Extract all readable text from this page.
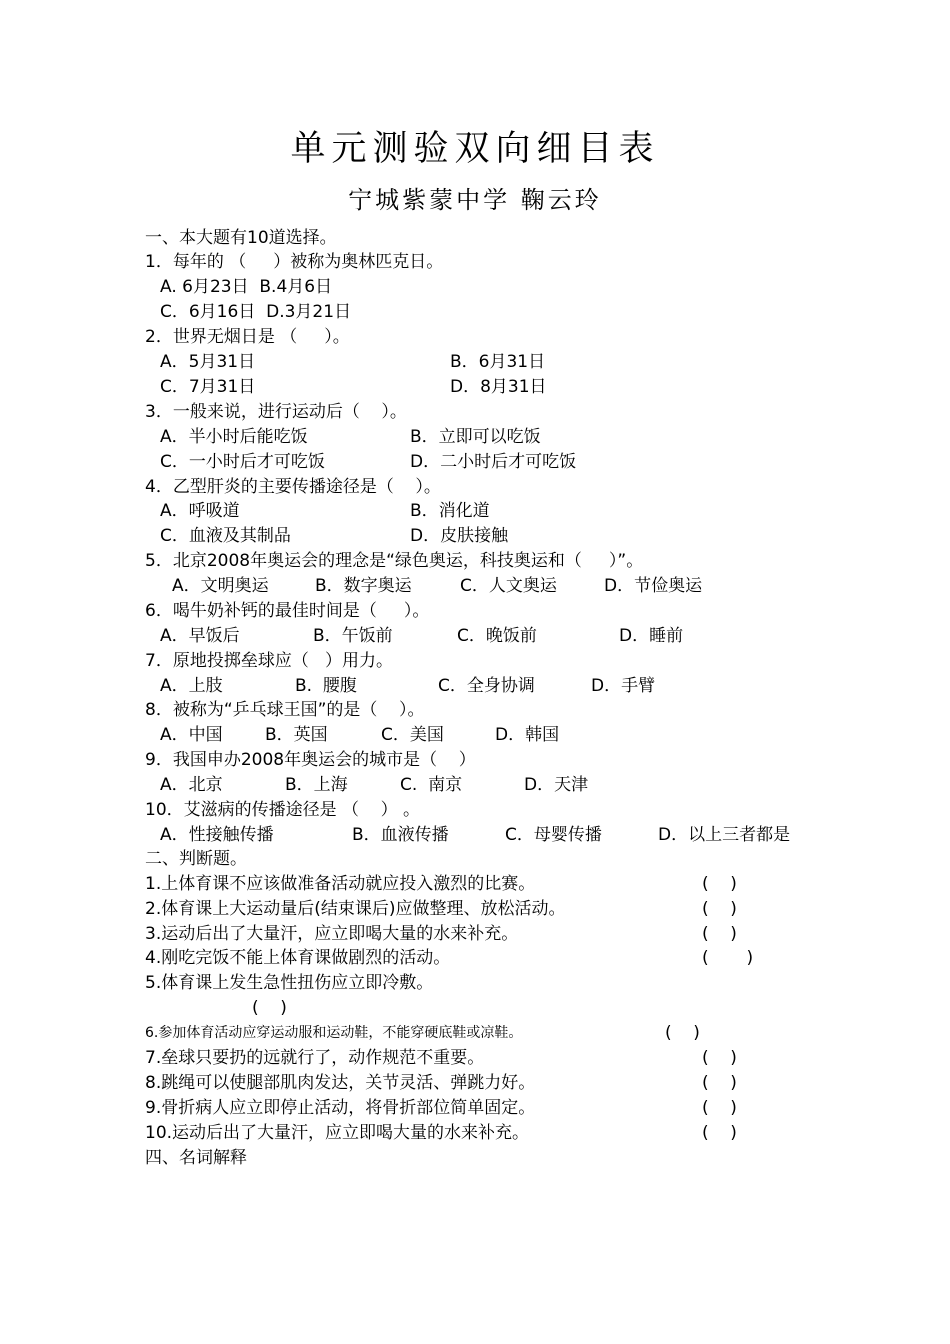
单元测验双向细目表
宁城紫蒙中学 鞠云玲
一、本大题有10道选择。
1．每年的 （     ）被称为奥林匹克日。
A. 6月23日  B.4月6日
C．6月16日  D.3月21日
2．世界无烟日是 （     ）。
A．5月31日	B．6月31日
C．7月31日	D．8月31日
3．一般来说，进行运动后（    ）。
A．半小时后能吃饭	B．立即可以吃饭
C．一小时后才可吃饭	D．二小时后才可吃饭
4．乙型肝炎的主要传播途径是（    ）。
A．呼吸道	B．消化道
C．血液及其制品	D．皮肤接触
5．北京2008年奥运会的理念是“绿色奥运，科技奥运和（     ）”。
A．文明奥运	B．数字奥运	C．人文奥运	D．节俭奥运
6．喝牛奶补钙的最佳时间是（     ）。
A．早饭后	B．午饭前	C．晚饭前	D．睡前
7．原地投掷垒球应（   ）用力。
A．上肢	B.  腰腹	C．全身协调	D．手臂
8．被称为“乒乓球王国”的是（    ）。
A．中国 B．英国	C．美国	D．韩国
9．我国申办2008年奥运会的城市是（    ）
A．北京	B．上海	C.  南京	D．天津
10．艾滋病的传播途径是 （    ） 。
A．性接触传播	B．血液传播	C．母婴传播	D．以上三者都是
二、判断题。
1.上体育课不应该做准备活动就应投入激烈的比赛。	(    )
2.体育课上大运动量后(结束课后)应做整理、放松活动。	(    )
3.运动后出了大量汗，应立即喝大量的水来补充。	(    )
4.刚吃完饭不能上体育课做剧烈的活动。	(       )
5.体育课上发生急性扭伤应立即冷敷。
(    )
6.参加体育活动应穿运动服和运动鞋，不能穿硬底鞋或凉鞋。	(    )
7.垒球只要扔的远就行了，动作规范不重要。	(    )
8.跳绳可以使腿部肌肉发达，关节灵活、弹跳力好。	(    )
9.骨折病人应立即停止活动，将骨折部位简单固定。	(    )
10.运动后出了大量汗，应立即喝大量的水来补充。	(    )
四、名词解释
